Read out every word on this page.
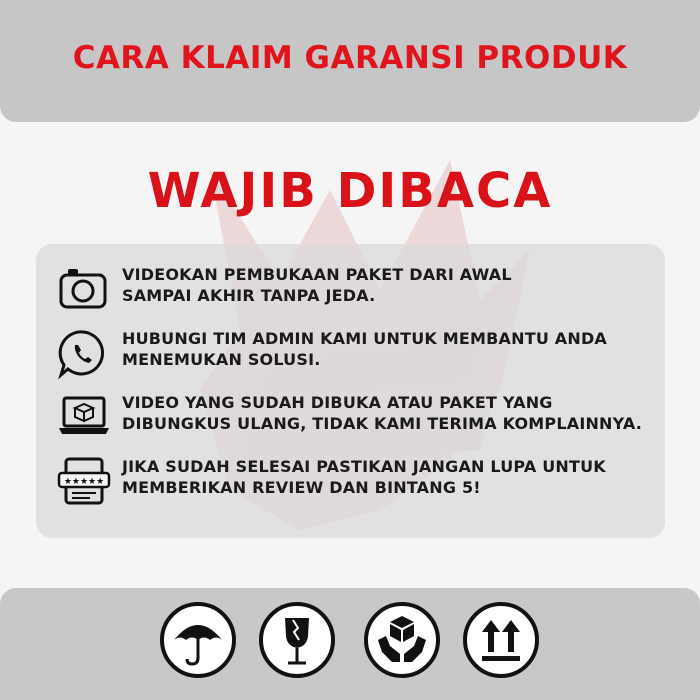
CARA KLAIM GARANSI PRODUK
WAJIB DIBACA

VIDEOKAN PEMBUKAAN PAKET DARI AWAL
SAMPAI AKHIR TANPA JEDA.

HUBUNGI TIM ADMIN KAMI UNTUK MEMBANTU ANDA
MENEMUKAN SOLUSI.

VIDEO YANG SUDAH DIBUKA ATAU PAKET YANG
DIBUNGKUS ULANG, TIDAK KAMI TERIMA KOMPLAINNYA.

★★★★★

JIKA SUDAH SELESAI PASTIKAN JANGAN LUPA UNTUK
MEMBERIKAN REVIEW DAN BINTANG 5!
